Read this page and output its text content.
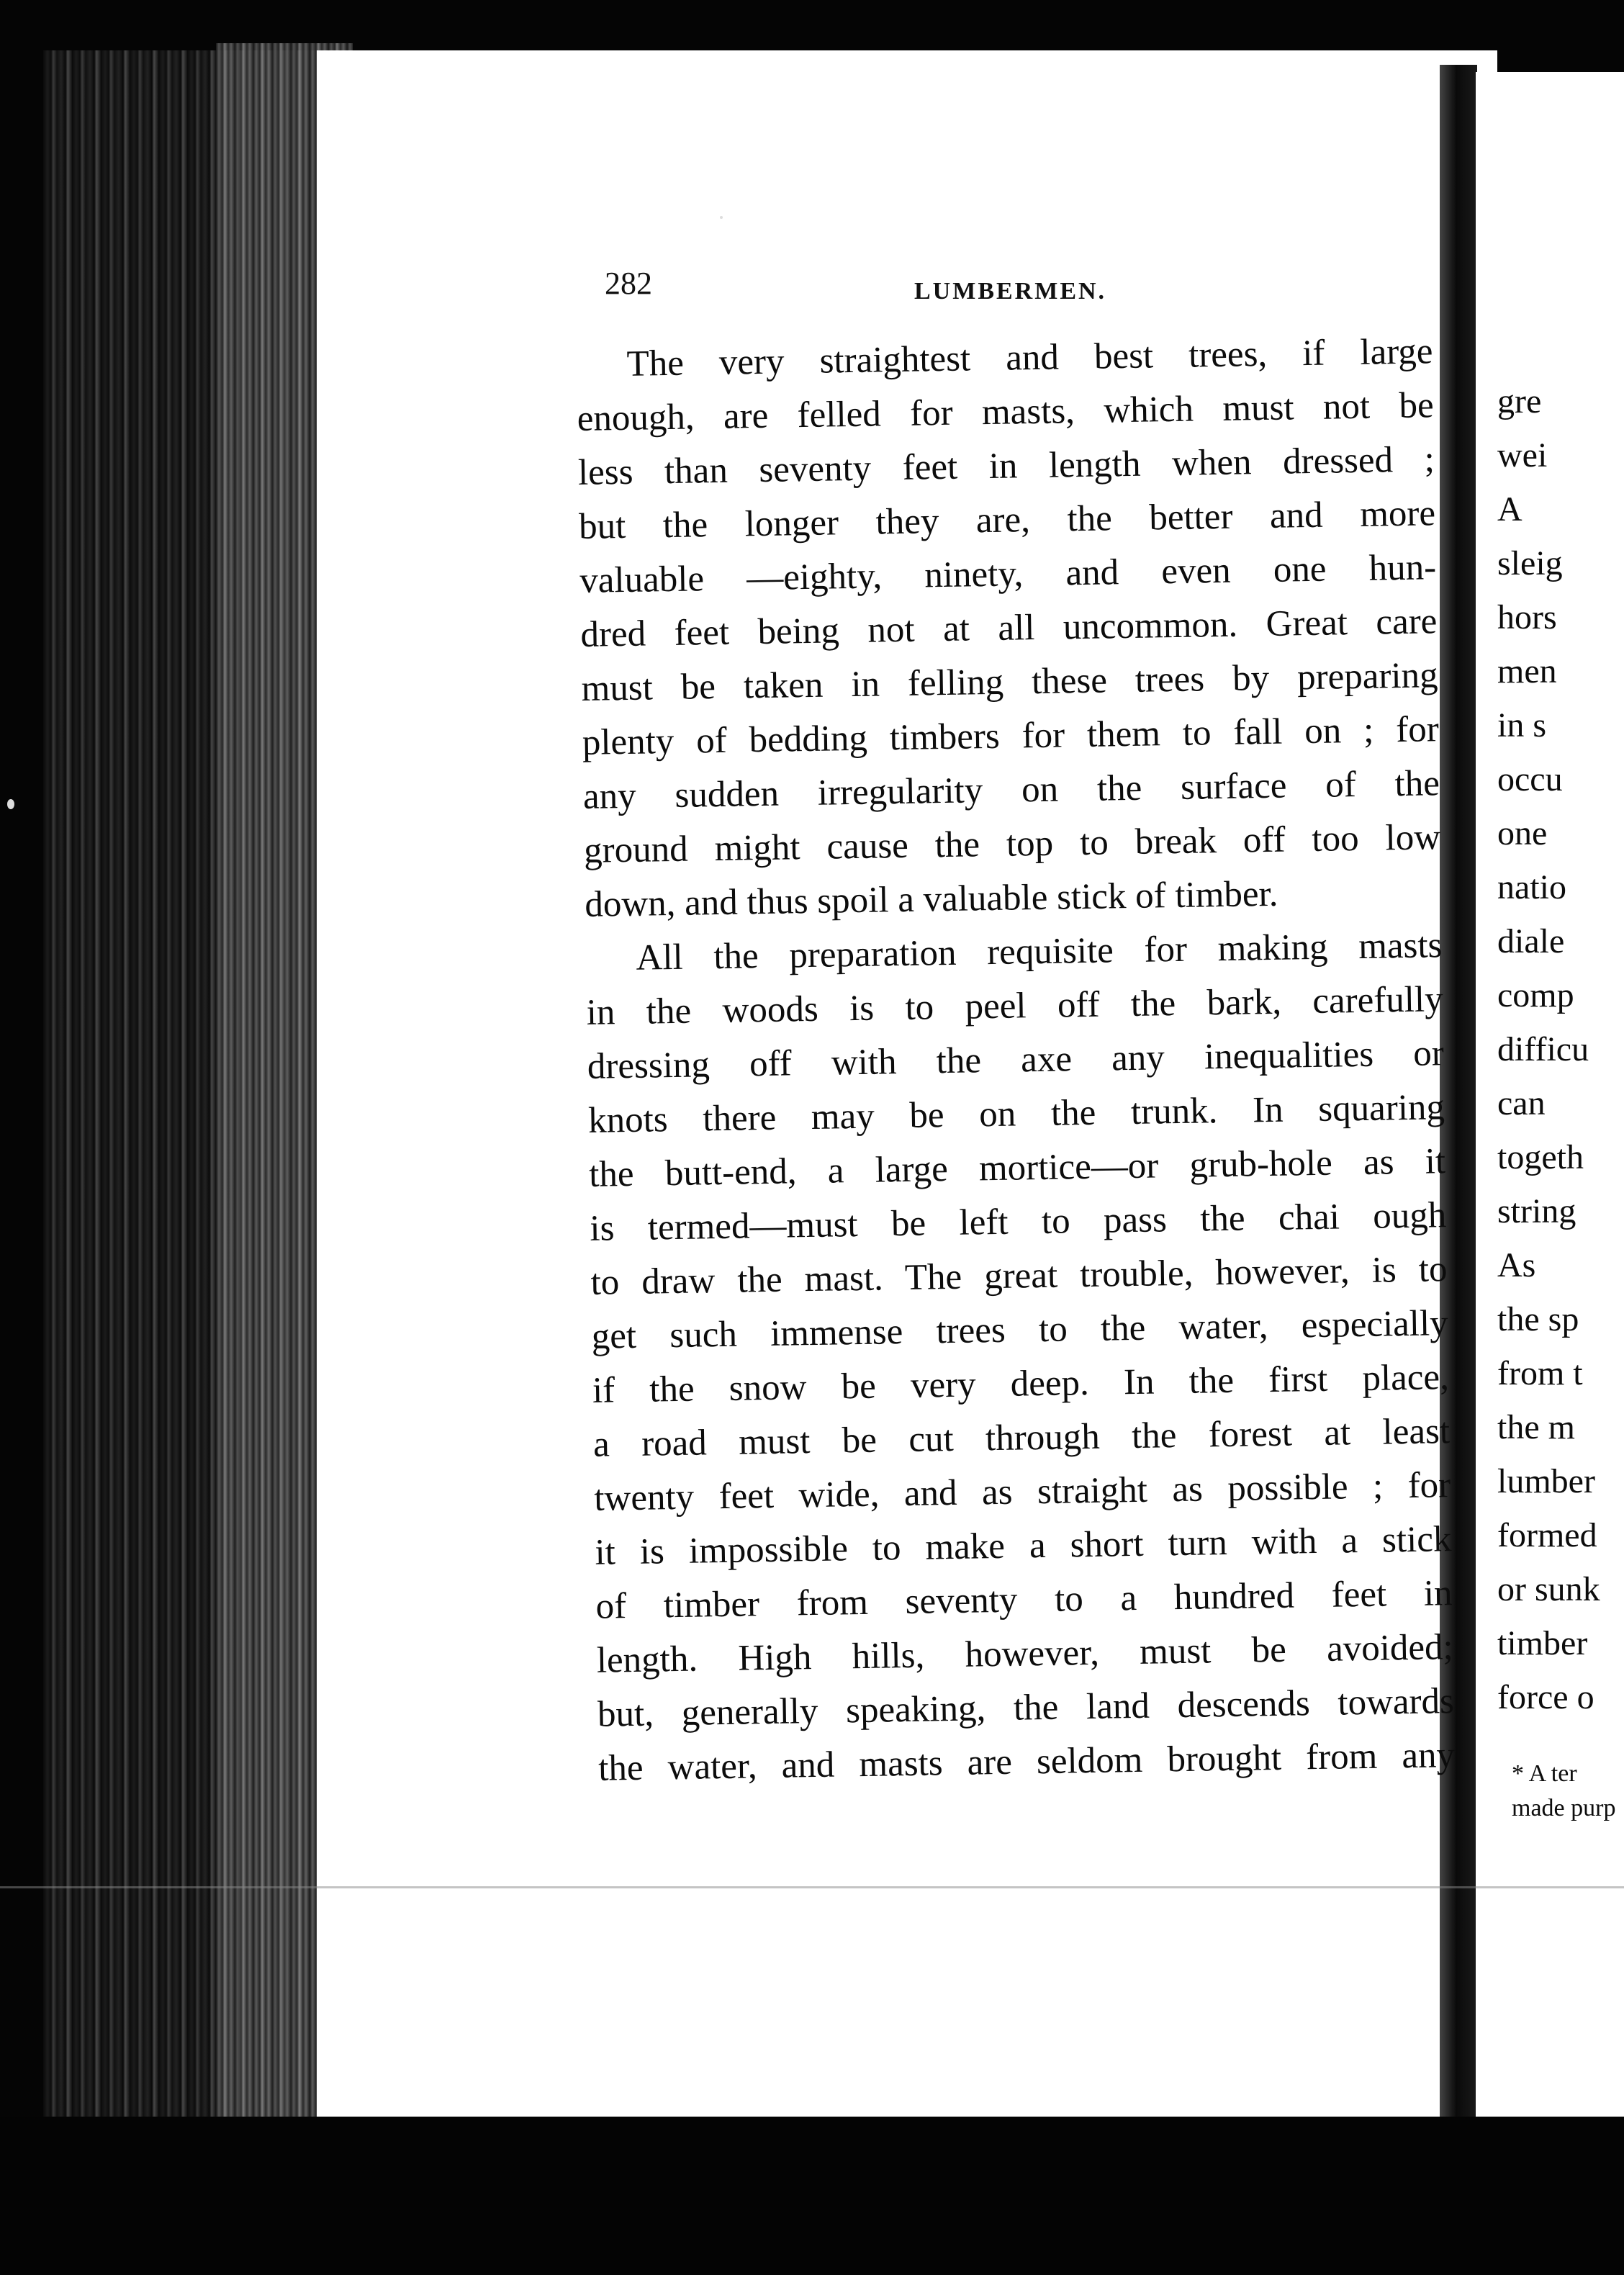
gre
wei
A
sleig
hors
men
in s
occu
one
natio
diale
comp
difficu
can
togeth
string
As
the sp
from t
the m
lumber
formed
or sunk
timber
force o
* A ter
made purp
282	LUMBERMEN.
The very straightest and best trees, if large
enough, are felled for masts, which must not be
less than seventy feet in length when dressed ;
but the longer they are, the better and more
valuable —eighty, ninety, and even one hun-
dred feet being not at all uncommon. Great care
must be taken in felling these trees by preparing
plenty of bedding timbers for them to fall on ; for
any sudden irregularity on the surface of the
ground might cause the top to break off too low
down, and thus spoil a valuable stick of timber.
All the preparation requisite for making masts
in the woods is to peel off the bark, carefully
dressing off with the axe any inequalities or
knots there may be on the trunk. In squaring
the butt-end, a large mortice—or grub-hole as it
is termed—must be left to pass the chai ough
to draw the mast. The great trouble, however, is to
get such immense trees to the water, especially
if the snow be very deep. In the first place,
a road must be cut through the forest at least
twenty feet wide, and as straight as possible ; for
it is impossible to make a short turn with a stick
of timber from seventy to a hundred feet in
length. High hills, however, must be avoided;
but, generally speaking, the land descends towards
the water, and masts are seldom brought from any
